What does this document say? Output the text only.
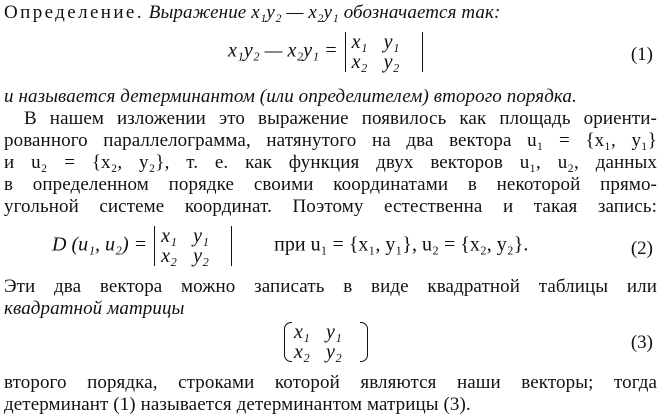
Определение. Выражение x₁y₂ — x₂y₁ обозначается так:
x₁y₂ — x₂y₁ = x₁ y₁
x₂ y₂	(1)
и называется детерминантом (или определителем) второго порядка.
В нашем изложении это выражение появилось как площадь ориенти-
рованного параллелограмма, натянутого на два вектора u₁ = {x₁, y₁}
и u₂ = {x₂, y₂}, т. е. как функция двух векторов u₁, u₂, данных
в определенном порядке своими координатами в некоторой прямо-
угольной системе координат. Поэтому естественна и такая запись:
D (u₁, u₂) = x₁ y₁
x₂ y₂
при u₁ = {x₁, y₁}, u₂ = {x₂, y₂}.	(2)
Эти два вектора можно записать в виде квадратной таблицы или
квадратной матрицы
x₁ y₁
x₂ y₂	(3)
второго порядка, строками которой являются наши векторы; тогда
детерминант (1) называется детерминантом матрицы (3).
